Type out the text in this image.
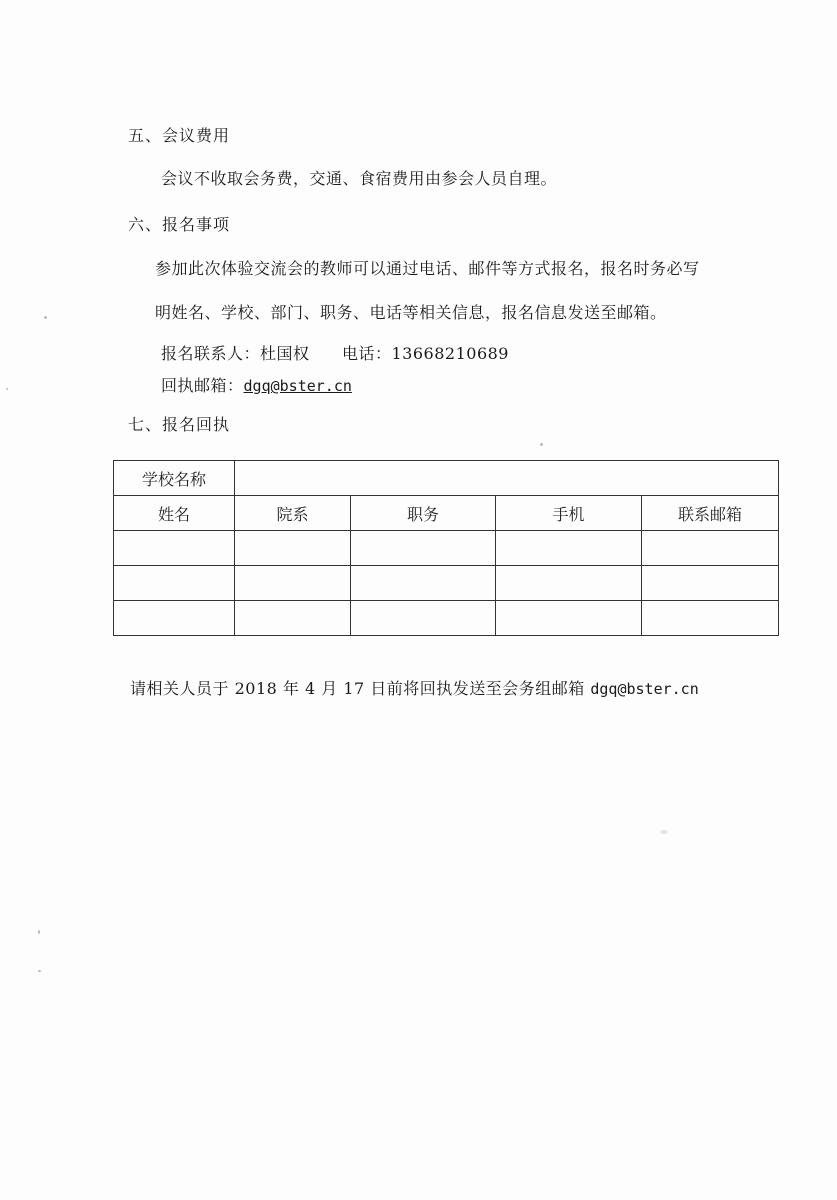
五、会议费用
会议不收取会务费，交通、食宿费用由参会人员自理。
六、报名事项
参加此次体验交流会的教师可以通过电话、邮件等方式报名，报名时务必写
明姓名、学校、部门、职务、电话等相关信息，报名信息发送至邮箱。
报名联系人：杜国权 电话：13668210689
回执邮箱：dgq@bster.cn
七、报名回执
学校名称				
姓名	院系	职务	手机	联系邮箱

请相关人员于 2018 年 4 月 17 日前将回执发送至会务组邮箱 dgq@bster.cn
